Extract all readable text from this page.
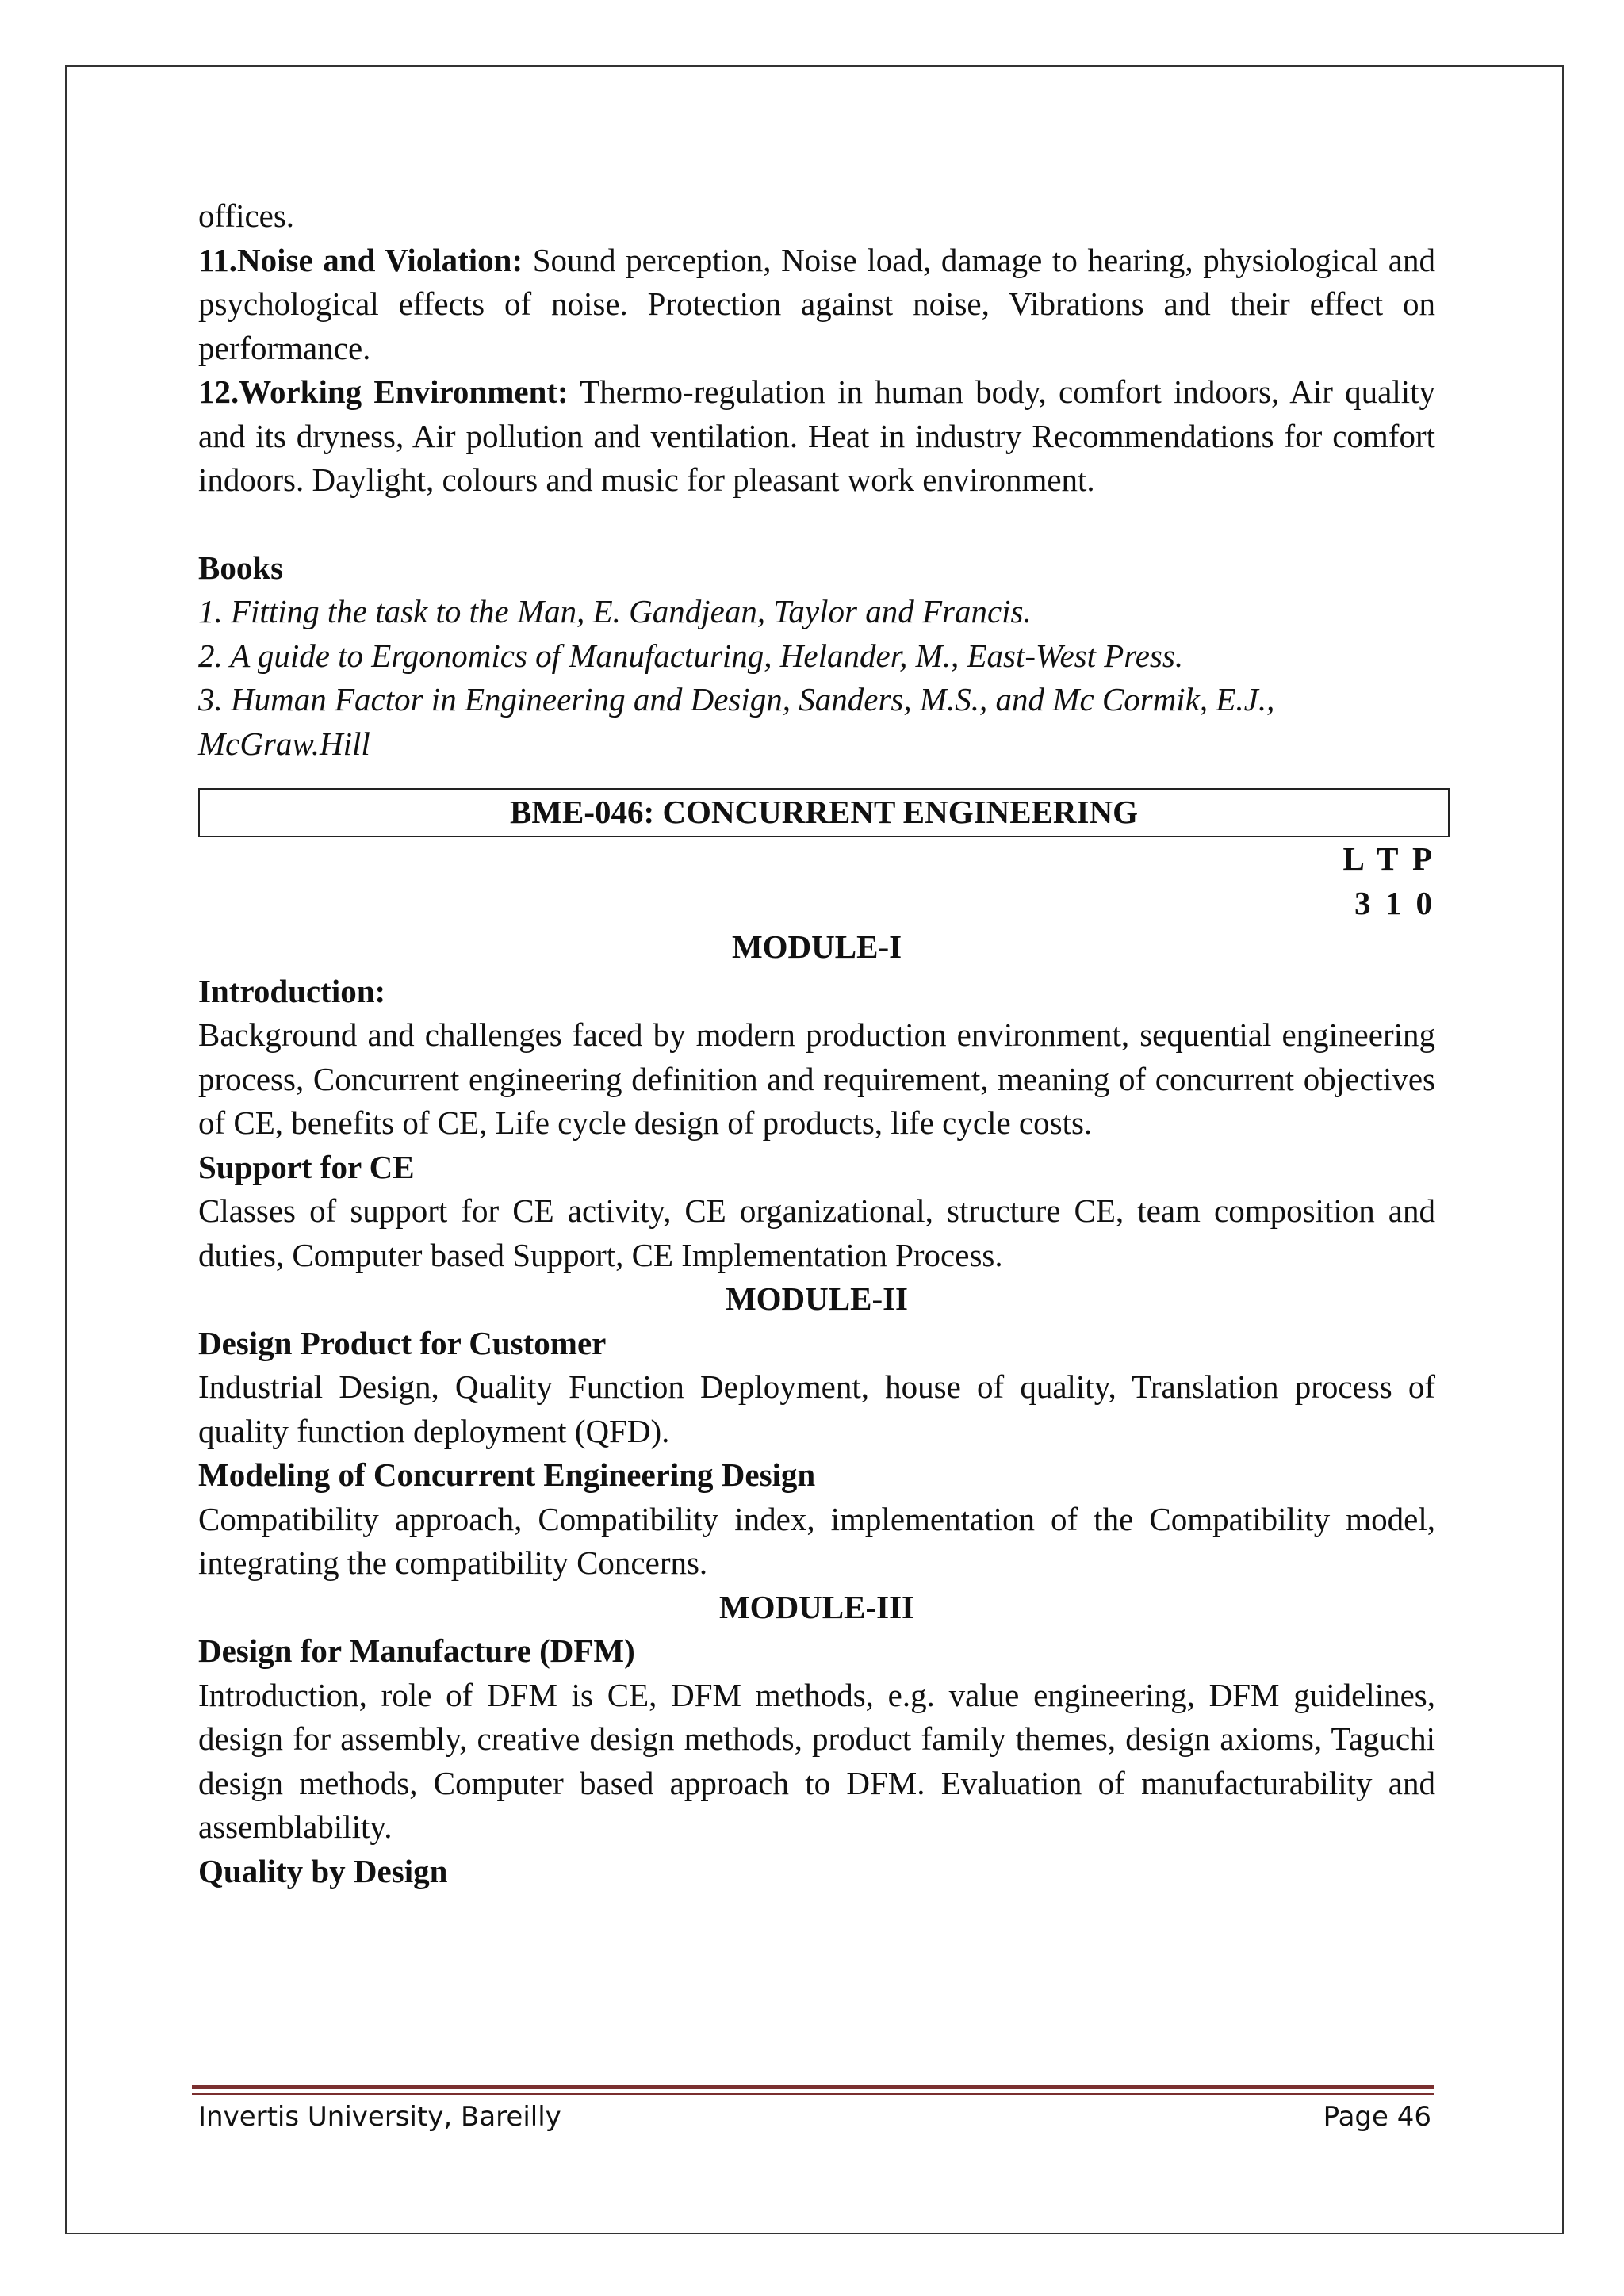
offices.

11.Noise and Violation: Sound perception, Noise load, damage to hearing, physiological and psychological effects of noise. Protection against noise, Vibrations and their effect on performance.

12.Working Environment: Thermo-regulation in human body, comfort indoors, Air quality and its dryness, Air pollution and ventilation. Heat in industry Recommendations for comfort indoors. Daylight, colours and music for pleasant work environment.

Books

1. Fitting the task to the Man, E. Gandjean, Taylor and Francis.

2. A guide to Ergonomics of Manufacturing, Helander, M., East-West Press.

3. Human Factor in Engineering and Design, Sanders, M.S., and Mc Cormik, E.J., McGraw.Hill

BME-046: CONCURRENT ENGINEERING

L T P

3 1 0

MODULE-I

Introduction:

Background and challenges faced by modern production environment, sequential engineering process, Concurrent engineering definition and requirement, meaning of concurrent objectives of CE, benefits of CE, Life cycle design of products, life cycle costs.

Support for CE

Classes of support for CE activity, CE organizational, structure CE, team composition and duties, Computer based Support, CE Implementation Process.

MODULE-II

Design Product for Customer

Industrial Design, Quality Function Deployment, house of quality, Translation process of quality function deployment (QFD).

Modeling of Concurrent Engineering Design

Compatibility approach, Compatibility index, implementation of the Compatibility model, integrating the compatibility Concerns.

MODULE-III

Design for Manufacture (DFM)

Introduction, role of DFM is CE, DFM methods, e.g. value engineering, DFM guidelines, design for assembly, creative design methods, product family themes, design axioms, Taguchi design methods, Computer based approach to DFM. Evaluation of manufacturability and assemblability.

Quality by Design

Invertis University, Bareilly	Page 46
